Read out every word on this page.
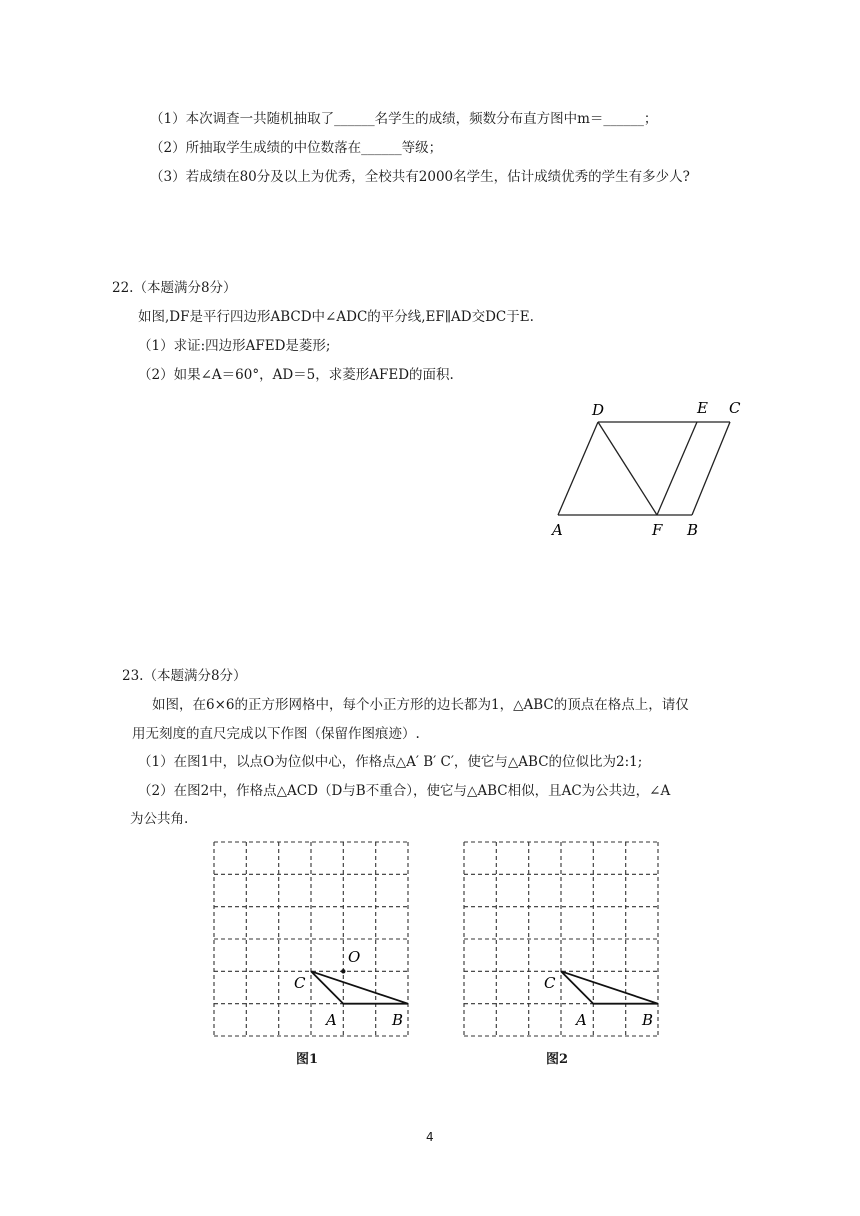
（1）本次调查一共随机抽取了______名学生的成绩，频数分布直方图中m＝______；
（2）所抽取学生成绩的中位数落在______等级；
（3）若成绩在80分及以上为优秀，全校共有2000名学生，估计成绩优秀的学生有多少人?
22.（本题满分8分）
如图,DF是平行四边形ABCD中∠ADC的平分线,EF∥AD交DC于E.
（1）求证:四边形AFED是菱形;
（2）如果∠A＝60°，AD＝5，求菱形AFED的面积.
D	E C
A	F B
23.（本题满分8分）
如图，在6×6的正方形网格中，每个小正方形的边长都为1，△ABC的顶点在格点上，请仅
用无刻度的直尺完成以下作图（保留作图痕迹）.
（1）在图1中，以点O为位似中心，作格点△A′ B′ C′，使它与△ABC的位似比为2:1;
（2）在图2中，作格点△ACD（D与B不重合），使它与△ABC相似，且AC为公共边，∠A
为公共角.
O
C
A	B
图1
C
A	B
图2
4
